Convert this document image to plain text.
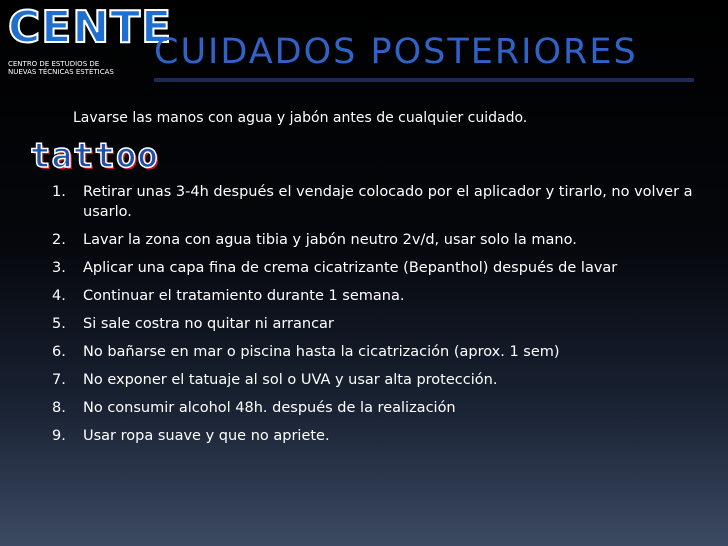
CENTE
CENTRO DE ESTUDIOS DE
NUEVAS TÉCNICAS ESTÉTICAS CUIDADOS POSTERIORES
Lavarse las manos con agua y jabón antes de cualquier cuidado.
tattoo
1. Retirar unas 3-4h después el vendaje colocado por el aplicador y tirarlo, no volver a usarlo.
2. Lavar la zona con agua tibia y jabón neutro 2v/d, usar solo la mano.
3. Aplicar una capa fina de crema cicatrizante (Bepanthol) después de lavar
4. Continuar el tratamiento durante 1 semana.
5. Si sale costra no quitar ni arrancar
6. No bañarse en mar o piscina hasta la cicatrización (aprox. 1 sem)
7. No exponer el tatuaje al sol o UVA y usar alta protección.
8. No consumir alcohol 48h. después de la realización
9. Usar ropa suave y que no apriete.
